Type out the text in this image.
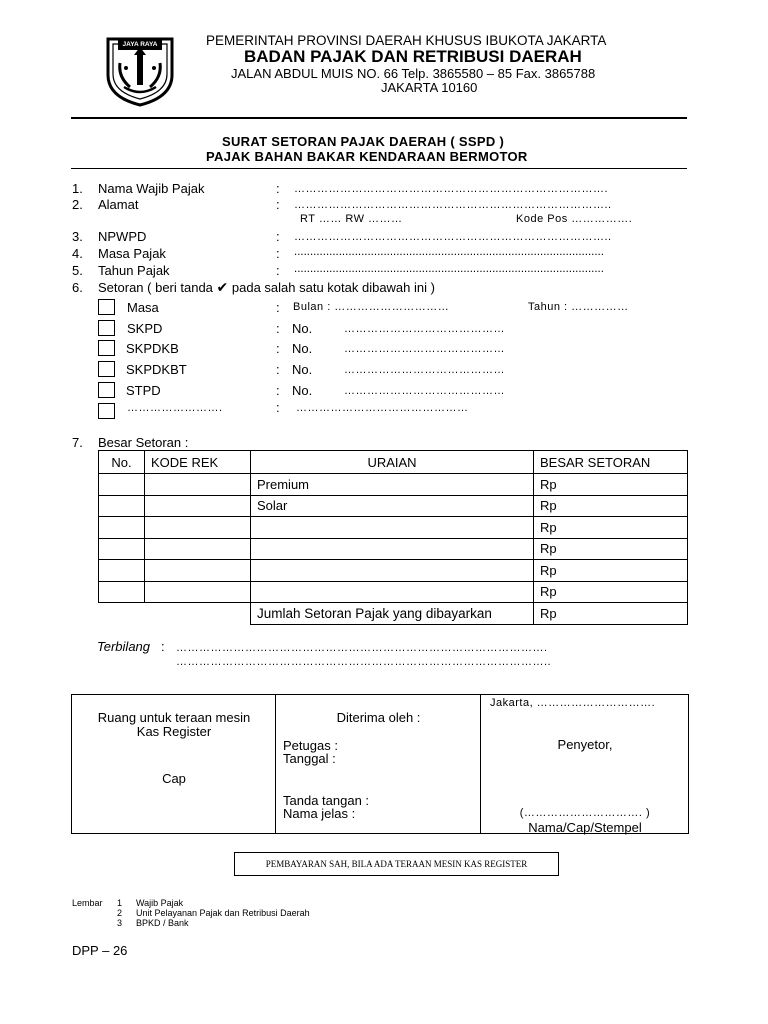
JAYA RAYA	PEMERINTAH PROVINSI DAERAH KHUSUS IBUKOTA JAKARTA
BADAN PAJAK DAN RETRIBUSI DAERAH
JALAN ABDUL MUIS NO. 66 Telp. 3865580 – 85 Fax. 3865788
JAKARTA 10160
SURAT SETORAN PAJAK DAERAH ( SSPD )
PAJAK BAHAN BAKAR KENDARAAN BERMOTOR
1. Nama Wajib Pajak	: ……………………………………………………………………….
2. Alamat	: ………………………………………………………………………..
RT …… RW ………	Kode Pos …………….
3. NPWPD	: ………………………………………………………………………..
4. Masa Pajak	: .................................................................................................
5. Tahun Pajak	: .................................................................................................
6. Setoran ( beri tanda ✔ pada salah satu kotak dibawah ini )
Masa	: Bulan : …………………………	Tahun : ……………
SKPD	: No.	……………………………………
SKPDKB	: No.	……………………………………
SKPDKBT	: No.	……………………………………
STPD	: No.	……………………………………
…………………….	: ………………………………………
7. Besar Setoran :
No.	KODE REK	URAIAN	BESAR SETORAN
		Premium	Rp
		Solar	Rp
			Rp
			Rp
			Rp
			Rp
		Jumlah Setoran Pajak yang dibayarkan	Rp
Terbilang : …………………………………………………………………………………….
……………………………………………………………………………………..
Ruang untuk teraan mesin
Kas Register
Cap

Diterima oleh :
Petugas :
Tanggal :
Tanda tangan :
Nama jelas :

Jakarta, ………………………….
Penyetor,
(…………………………. )
Nama/Cap/Stempel
PEMBAYARAN SAH, BILA ADA TERAAN MESIN KAS REGISTER
Lembar 1 Wajib Pajak
2 Unit Pelayanan Pajak dan Retribusi Daerah
3 BPKD / Bank
DPP – 26
